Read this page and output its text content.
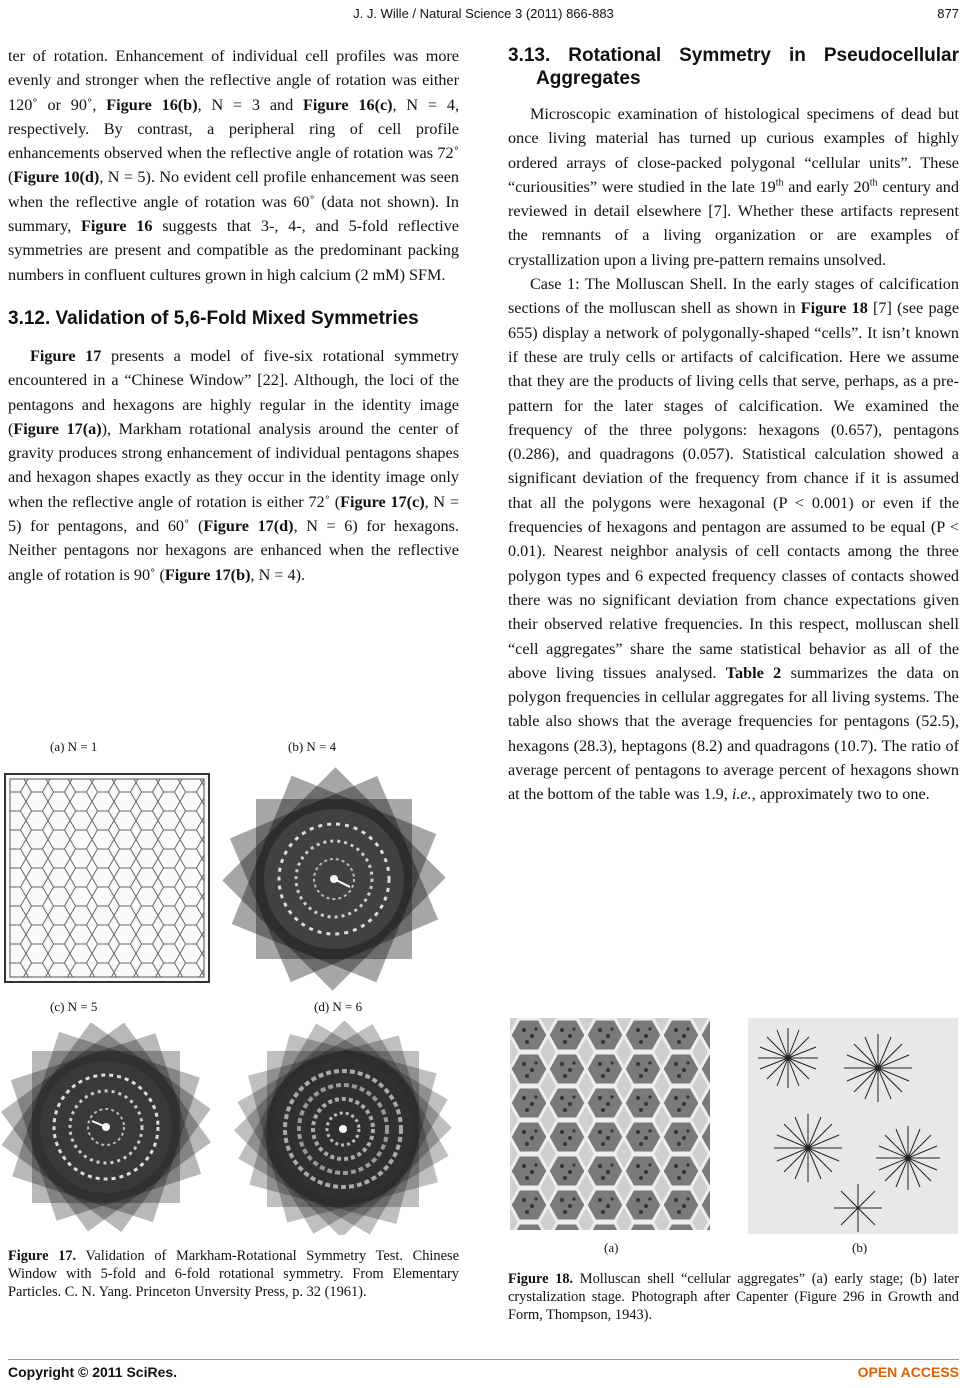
J. J. Wille / Natural Science 3 (2011) 866-883	877

ter of rotation. Enhancement of individual cell profiles was more evenly and stronger when the reflective angle of rotation was either 120˚ or 90˚, Figure 16(b), N = 3 and Figure 16(c), N = 4, respectively. By contrast, a peripheral ring of cell profile enhancements observed when the reflective angle of rotation was 72˚ (Figure 10(d), N = 5). No evident cell profile enhancement was seen when the reflective angle of rotation was 60˚ (data not shown). In summary, Figure 16 suggests that 3-, 4-, and 5-fold reflective symmetries are present and compatible as the predominant packing numbers in confluent cultures grown in high calcium (2 mM) SFM.

3.12. Validation of 5,6-Fold Mixed Symmetries

Figure 17 presents a model of five-six rotational symmetry encountered in a “Chinese Window” [22]. Although, the loci of the pentagons and hexagons are highly regular in the identity image (Figure 17(a)), Markham rotational analysis around the center of gravity produces strong enhancement of individual pentagons shapes and hexagon shapes exactly as they occur in the identity image only when the reflective angle of rotation is either 72˚ (Figure 17(c), N = 5) for pentagons, and 60˚ (Figure 17(d), N = 6) for hexagons. Neither pentagons nor hexagons are enhanced when the reflective angle of rotation is 90˚ (Figure 17(b), N = 4).

(a) N = 1	(b) N = 4
(c) N = 5	(d) N = 6
Figure 17. Validation of Markham-Rotational Symmetry Test. Chinese Window with 5-fold and 6-fold rotational symmetry. From Elementary Particles. C. N. Yang. Princeton Unversity Press, p. 32 (1961).
3.13. Rotational Symmetry in Pseudocellular Aggregates

Microscopic examination of histological specimens of dead but once living material has turned up curious examples of highly ordered arrays of close-packed polygonal “cellular units”. These “curiousities” were studied in the late 19th and early 20th century and reviewed in detail elsewhere [7]. Whether these artifacts represent the remnants of a living organization or are examples of crystallization upon a living pre-pattern remains unsolved.

Case 1: The Molluscan Shell. In the early stages of calcification sections of the molluscan shell as shown in Figure 18 [7] (see page 655) display a network of polygonally-shaped “cells”. It isn’t known if these are truly cells or artifacts of calcification. Here we assume that they are the products of living cells that serve, perhaps, as a pre-pattern for the later stages of calcification. We examined the frequency of the three polygons: hexagons (0.657), pentagons (0.286), and quadragons (0.057). Statistical calculation showed a significant deviation of the frequency from chance if it is assumed that all the polygons were hexagonal (P < 0.001) or even if the frequencies of hexagons and pentagon are assumed to be equal (P < 0.01). Nearest neighbor analysis of cell contacts among the three polygon types and 6 expected frequency classes of contacts showed there was no significant deviation from chance expectations given their observed relative frequencies. In this respect, molluscan shell “cell aggregates” share the same statistical behavior as all of the above living tissues analysed. Table 2 summarizes the data on polygon frequencies in cellular aggregates for all living systems. The table also shows that the average frequencies for pentagons (52.5), hexagons (28.3), heptagons (8.2) and quadragons (10.7). The ratio of average percent of pentagons to average percent of hexagons shown at the bottom of the table was 1.9, i.e., approximately two to one.

(a)	(b)
Figure 18. Molluscan shell “cellular aggregates” (a) early stage; (b) later crystalization stage. Photograph after Capenter (Figure 296 in Growth and Form, Thompson, 1943).
Copyright © 2011 SciRes.	OPEN ACCESS
